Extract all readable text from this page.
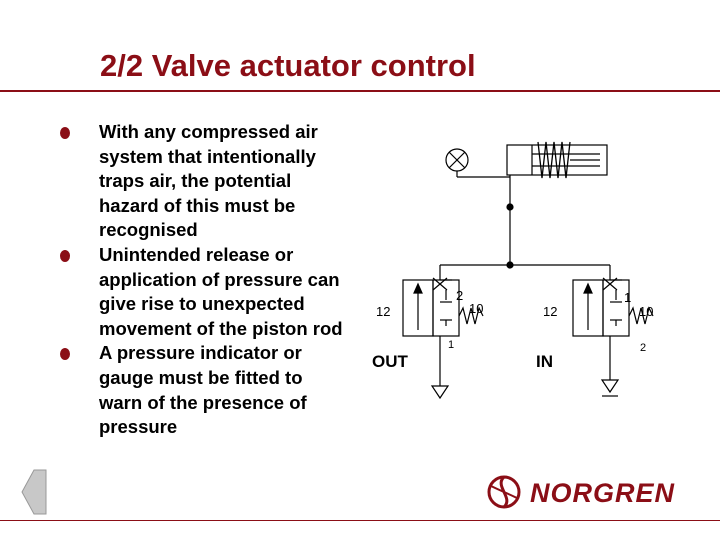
2/2 Valve actuator control
With any compressed air system that intentionally traps air, the potential hazard of this must be recognised
Unintended release or application of pressure can give rise to unexpected movement of the piston rod
A pressure indicator or gauge must be fitted to warn of the presence of pressure
2
10
1
12
OUT
1
10
2
12
IN
NORGREN
